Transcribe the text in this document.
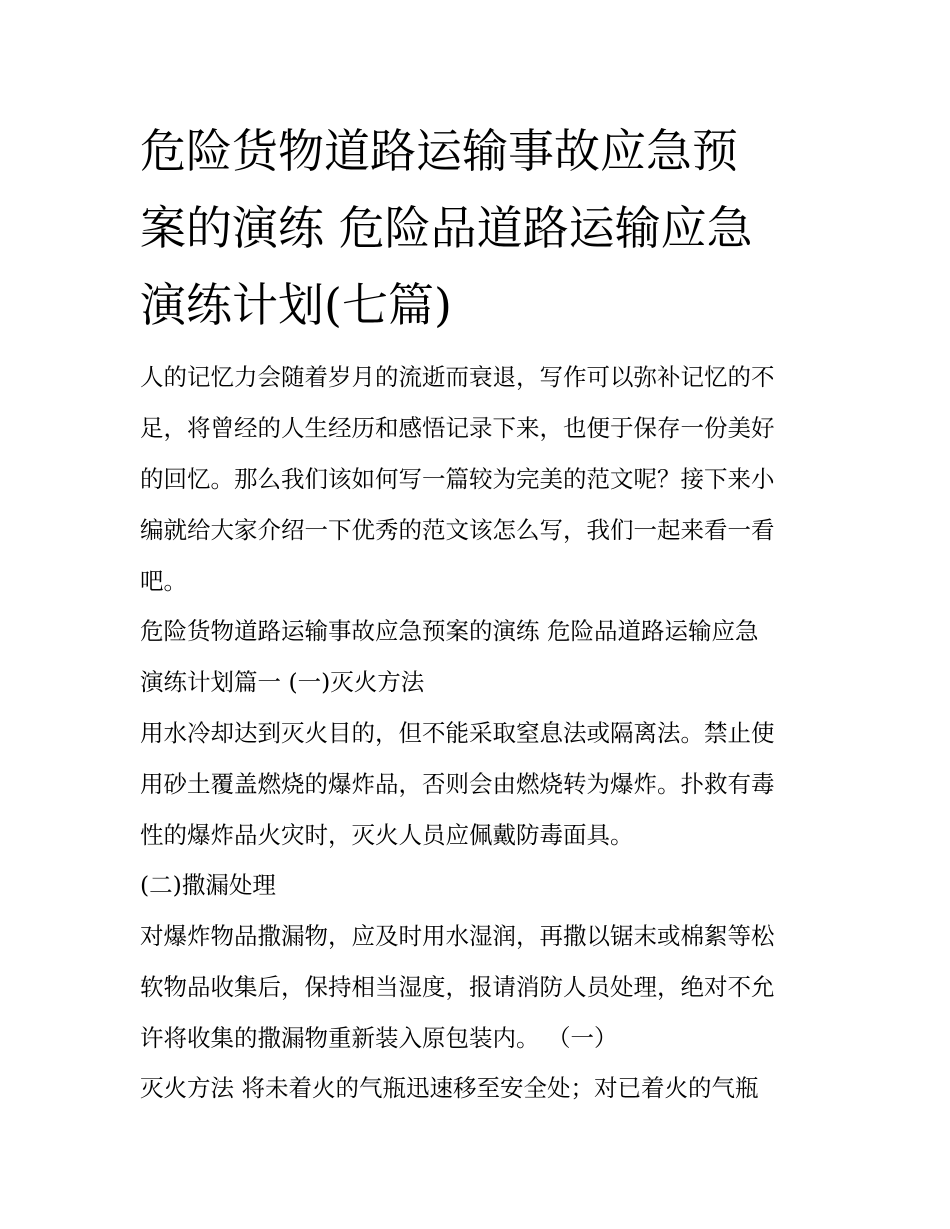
危险货物道路运输事故应急预
案的演练 危险品道路运输应急
演练计划(七篇)

人的记忆力会随着岁月的流逝而衰退，写作可以弥补记忆的不
足，将曾经的人生经历和感悟记录下来，也便于保存一份美好
的回忆。那么我们该如何写一篇较为完美的范文呢？接下来小
编就给大家介绍一下优秀的范文该怎么写，我们一起来看一看
吧。

危险货物道路运输事故应急预案的演练 危险品道路运输应急
演练计划篇一 (一)灭火方法

用水冷却达到灭火目的，但不能采取窒息法或隔离法。禁止使
用砂土覆盖燃烧的爆炸品，否则会由燃烧转为爆炸。扑救有毒
性的爆炸品火灾时，灭火人员应佩戴防毒面具。

(二)撒漏处理

对爆炸物品撒漏物，应及时用水湿润，再撒以锯末或棉絮等松
软物品收集后，保持相当湿度，报请消防人员处理，绝对不允
许将收集的撒漏物重新装入原包装内。 （一）

灭火方法 将未着火的气瓶迅速移至安全处；对已着火的气瓶
